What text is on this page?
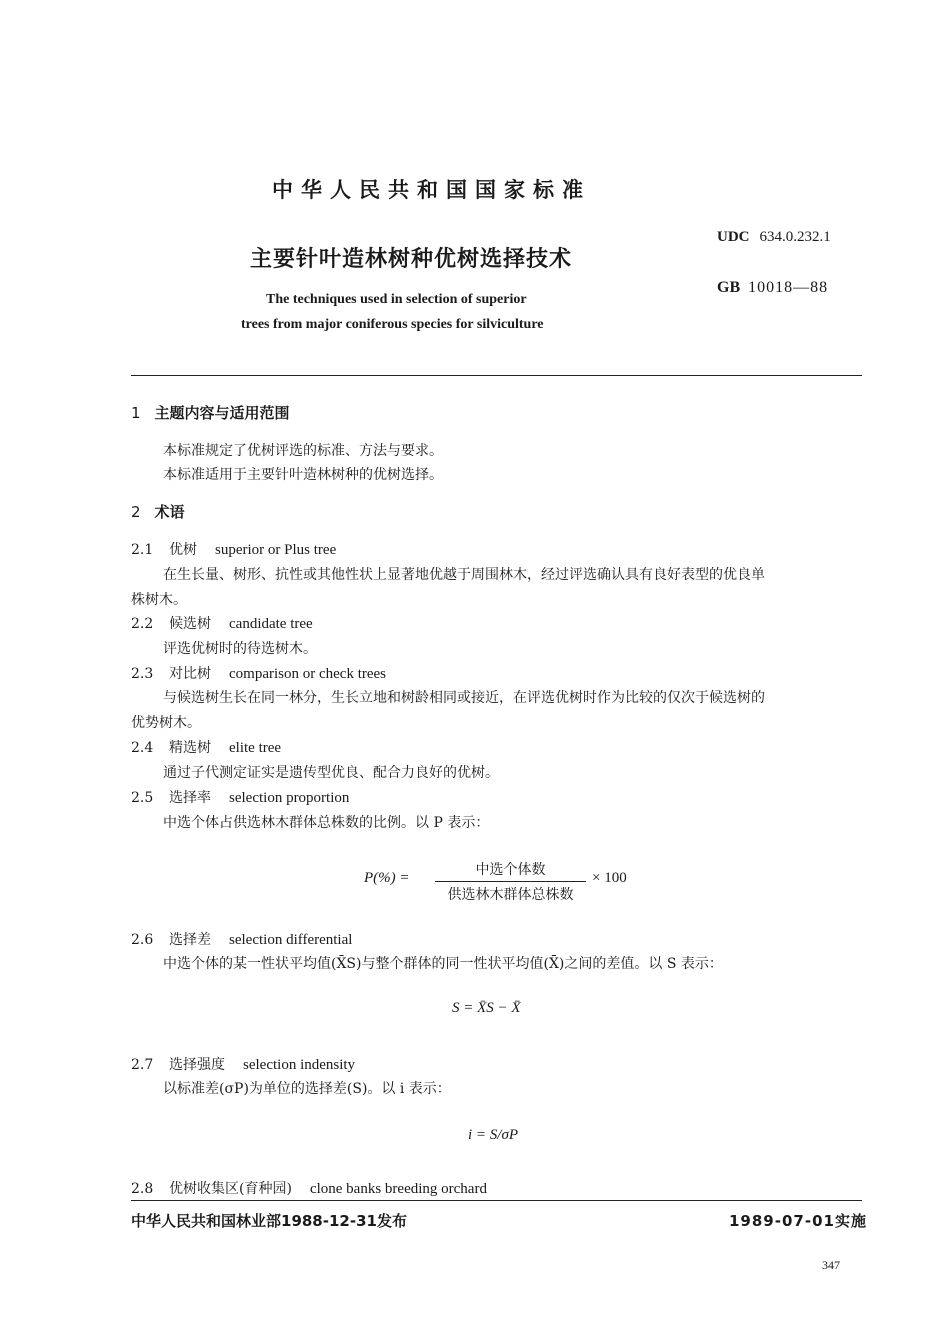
中华人民共和国国家标准
主要针叶造林树种优树选择技术
The techniques used in selection of superior
trees from major coniferous species for silviculture
UDC 634.0.232.1
GB 10018—88
1 主题内容与适用范围
本标准规定了优树评选的标准、方法与要求。
本标准适用于主要针叶造林树种的优树选择。
2 术语
2.1 优树 superior or Plus tree
在生长量、树形、抗性或其他性状上显著地优越于周围林木，经过评选确认具有良好表型的优良单
株树木。
2.2 候选树 candidate tree
评选优树时的待选树木。
2.3 对比树 comparison or check trees
与候选树生长在同一林分，生长立地和树龄相同或接近，在评选优树时作为比较的仅次于候选树的
优势树木。
2.4 精选树 elite tree
通过子代测定证实是遗传型优良、配合力良好的优树。
2.5 选择率 selection proportion
中选个体占供选林木群体总株数的比例。以 P 表示：
P(%) =	中选个体数
供选林木群体总株数
× 100
2.6 选择差 selection differential
中选个体的某一性状平均值(X̄S)与整个群体的同一性状平均值(X̄)之间的差值。以 S 表示：
S = X̄S − X̄
2.7 选择强度 selection indensity
以标准差(σP)为单位的选择差(S)。以 i 表示：
i = S/σP
2.8 优树收集区(育种园) clone banks breeding orchard
中华人民共和国林业部1988-12-31发布	1989-07-01实施
347
